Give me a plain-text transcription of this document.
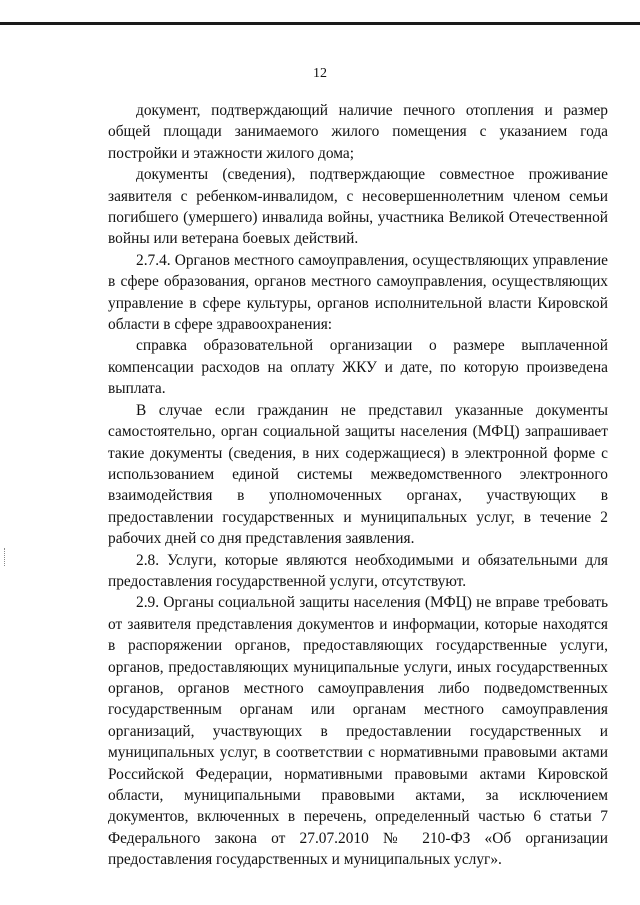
12

документ, подтверждающий наличие печного отопления и размер общей площади занимаемого жилого помещения с указанием года постройки и этажности жилого дома;

документы (сведения), подтверждающие совместное проживание заявителя с ребенком-инвалидом, с несовершеннолетним членом семьи погибшего (умершего) инвалида войны, участника Великой Отечественной войны или ветерана боевых действий.

2.7.4. Органов местного самоуправления, осуществляющих управление в сфере образования, органов местного самоуправления, осуществляющих управление в сфере культуры, органов исполнительной власти Кировской области в сфере здравоохранения:

справка образовательной организации о размере выплаченной компенсации расходов на оплату ЖКУ и дате, по которую произведена выплата.

В случае если гражданин не представил указанные документы самостоятельно, орган социальной защиты населения (МФЦ) запрашивает такие документы (сведения, в них содержащиеся) в электронной форме с использованием единой системы межведомственного электронного взаимодействия в уполномоченных органах, участвующих в предоставлении государственных и муниципальных услуг, в течение 2 рабочих дней со дня представления заявления.

2.8. Услуги, которые являются необходимыми и обязательными для предоставления государственной услуги, отсутствуют.

2.9. Органы социальной защиты населения (МФЦ) не вправе требовать от заявителя представления документов и информации, которые находятся в распоряжении органов, предоставляющих государственные услуги, органов, предоставляющих муниципальные услуги, иных государственных органов, органов местного самоуправления либо подведомственных государственным органам или органам местного самоуправления организаций, участвующих в предоставлении государственных и муниципальных услуг, в соответствии с нормативными правовыми актами Российской Федерации, нормативными правовыми актами Кировской области, муниципальными правовыми актами, за исключением документов, включенных в перечень, определенный частью 6 статьи 7 Федерального закона от 27.07.2010 № 210-ФЗ «Об организации предоставления государственных и муниципальных услуг».
